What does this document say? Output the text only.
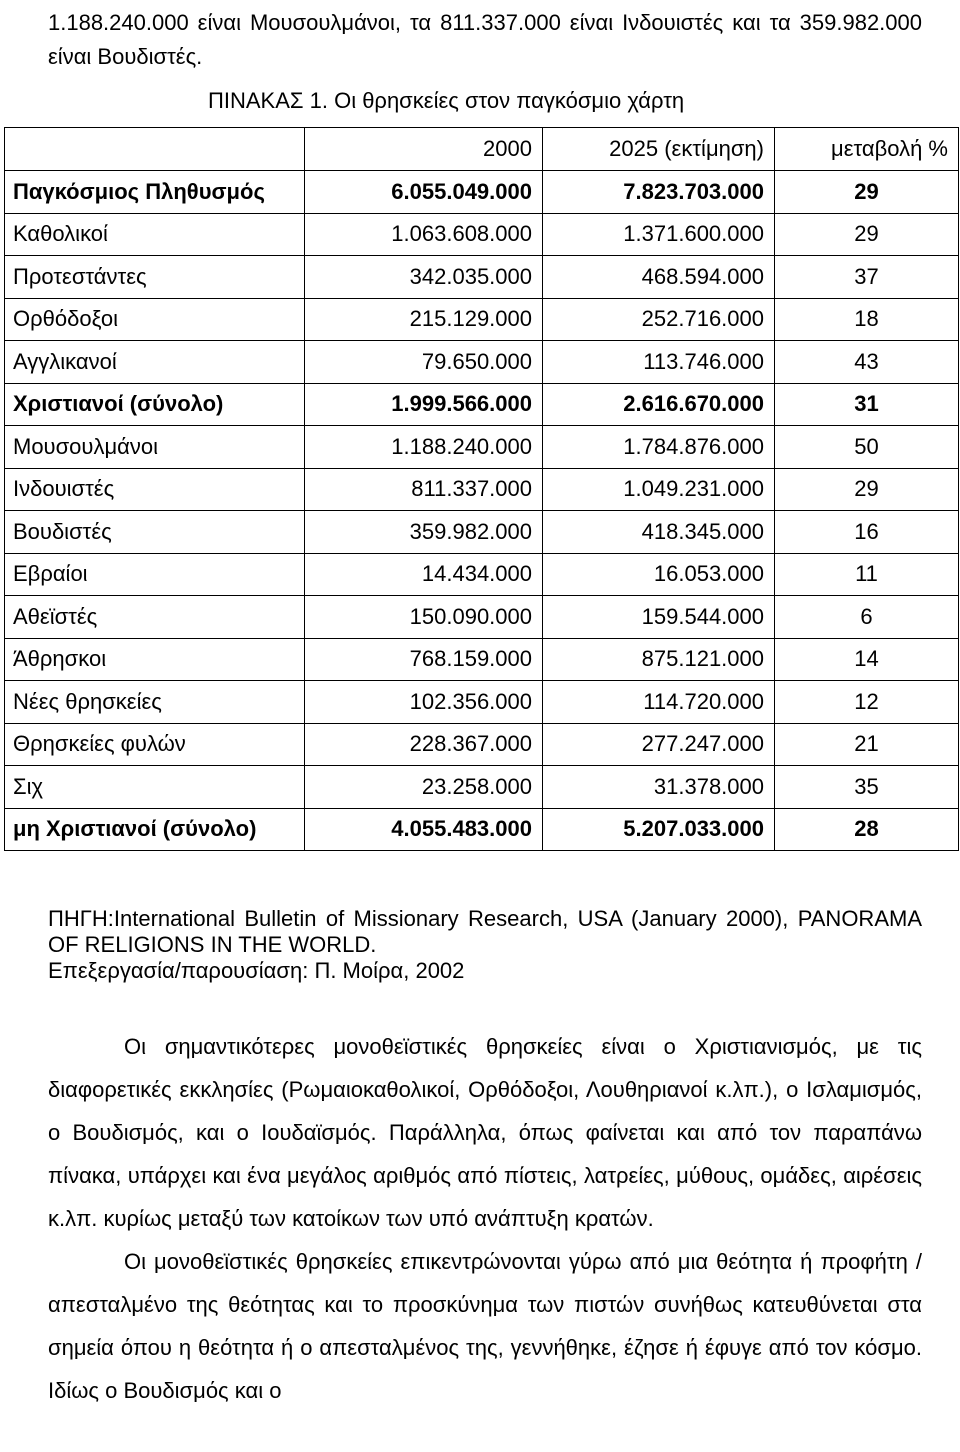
1.188.240.000 είναι Μουσουλμάνοι, τα 811.337.000 είναι Ινδουιστές και τα 359.982.000 είναι Βουδιστές.
ΠΙΝΑΚΑΣ 1. Οι θρησκείες στον παγκόσμιο χάρτη
	2000	2025 (εκτίμηση)	μεταβολή %
Παγκόσμιος Πληθυσμός	6.055.049.000	7.823.703.000	29
Καθολικοί	1.063.608.000	1.371.600.000	29
Προτεστάντες	342.035.000	468.594.000	37
Ορθόδοξοι	215.129.000	252.716.000	18
Αγγλικανοί	79.650.000	113.746.000	43
Χριστιανοί (σύνολο)	1.999.566.000	2.616.670.000	31
Μουσουλμάνοι	1.188.240.000	1.784.876.000	50
Ινδουιστές	811.337.000	1.049.231.000	29
Βουδιστές	359.982.000	418.345.000	16
Εβραίοι	14.434.000	16.053.000	11
Αθεϊστές	150.090.000	159.544.000	6
Άθρησκοι	768.159.000	875.121.000	14
Νέες θρησκείες	102.356.000	114.720.000	12
Θρησκείες φυλών	228.367.000	277.247.000	21
Σιχ	23.258.000	31.378.000	35
μη Χριστιανοί (σύνολο)	4.055.483.000	5.207.033.000	28
ΠΗΓΗ:International Bulletin of Missionary Research, USA (January 2000), PANORAMA OF RELIGIONS IN THE WORLD.
Επεξεργασία/παρουσίαση: Π. Μοίρα, 2002

Οι σημαντικότερες μονοθεϊστικές θρησκείες είναι ο Χριστιανισμός, με τις διαφορετικές εκκλησίες (Ρωμαιοκαθολικοί, Ορθόδοξοι, Λουθηριανοί κ.λπ.), ο Ισλαμισμός, ο Βουδισμός, και ο Ιουδαϊσμός. Παράλληλα, όπως φαίνεται και από τον παραπάνω πίνακα, υπάρχει και ένα μεγάλος αριθμός από πίστεις, λατρείες, μύθους, ομάδες, αιρέσεις κ.λπ. κυρίως μεταξύ των κατοίκων των υπό ανάπτυξη κρατών.

Οι μονοθεϊστικές θρησκείες επικεντρώνονται γύρω από μια θεότητα ή προφήτη / απεσταλμένο της θεότητας και το προσκύνημα των πιστών συνήθως κατευθύνεται στα σημεία όπου η θεότητα ή ο απεσταλμένος της, γεννήθηκε, έζησε ή έφυγε από τον κόσμο. Ιδίως ο Βουδισμός και ο
